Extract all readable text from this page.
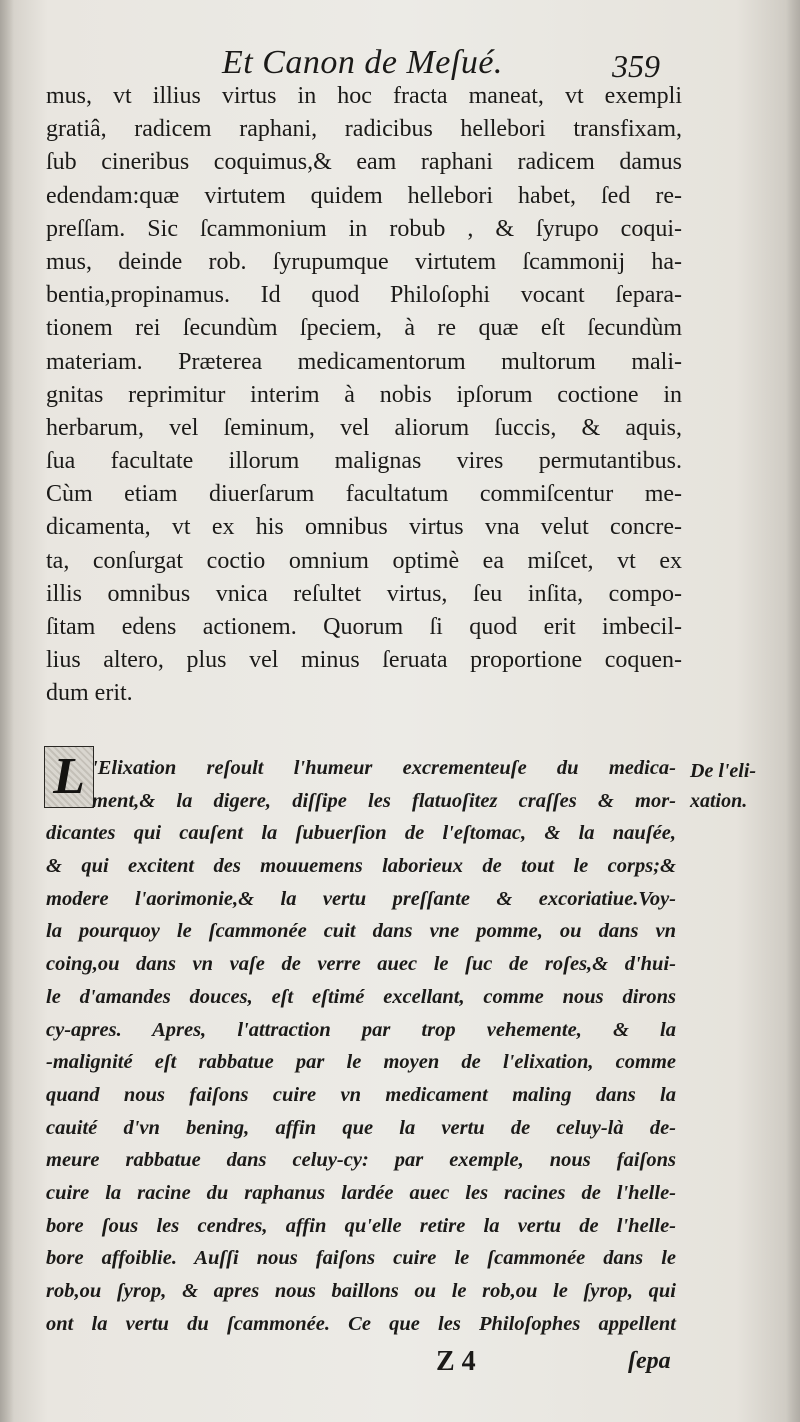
Et Canon de Meſué.	359
mus, vt illius virtus in hoc fracta maneat, vt exempli
gratiâ, radicem raphani, radicibus hellebori transfixam,
ſub cineribus coquimus,& eam raphani radicem damus
edendam:quæ virtutem quidem hellebori habet, ſed re-
preſſam. Sic ſcammonium in robub , & ſyrupo coqui-
mus, deinde rob. ſyrupumque virtutem ſcammonij ha-
bentia,propinamus. Id quod Philoſophi vocant ſepara-
tionem rei ſecundùm ſpeciem, à re quæ eſt ſecundùm
materiam. Præterea medicamentorum multorum mali-
gnitas reprimitur interim à nobis ipſorum coctione in
herbarum, vel ſeminum, vel aliorum ſuccis, & aquis,
ſua facultate illorum malignas vires permutantibus.
Cùm etiam diuerſarum facultatum commiſcentur me-
dicamenta, vt ex his omnibus virtus vna velut concre-
ta, conſurgat coctio omnium optimè ea miſcet, vt ex
illis omnibus vnica reſultet virtus, ſeu inſita, compo-
ſitam edens actionem. Quorum ſi quod erit imbecil-
lius altero, plus vel minus ſeruata proportione coquen-
dum erit.
L 'Elixation reſoult l'humeur excrementeuſe du medica-
ment,& la digere, diſſipe les flatuoſitez craſſes & mor-
dicantes qui cauſent la ſubuerſion de l'eſtomac, & la nauſée,
& qui excitent des mouuemens laborieux de tout le corps;&
modere l'aorimonie,& la vertu preſſante & excoriatiue.Voy-
la pourquoy le ſcammonée cuit dans vne pomme, ou dans vn
coing,ou dans vn vaſe de verre auec le ſuc de roſes,& d'hui-
le d'amandes douces, eſt eſtimé excellant, comme nous dirons
cy-apres. Apres, l'attraction par trop vehemente, & la
-malignité eſt rabbatue par le moyen de l'elixation, comme
quand nous faiſons cuire vn medicament maling dans la
cauité d'vn bening, affin que la vertu de celuy-là de-
meure rabbatue dans celuy-cy: par exemple, nous faiſons
cuire la racine du raphanus lardée auec les racines de l'helle-
bore ſous les cendres, affin qu'elle retire la vertu de l'helle-
bore affoiblie. Auſſi nous faiſons cuire le ſcammonée dans le
rob,ou ſyrop, & apres nous baillons ou le rob,ou le ſyrop, qui
ont la vertu du ſcammonée. Ce que les Philoſophes appellent
De l'eli-
xation.
Z 4	ſepa
